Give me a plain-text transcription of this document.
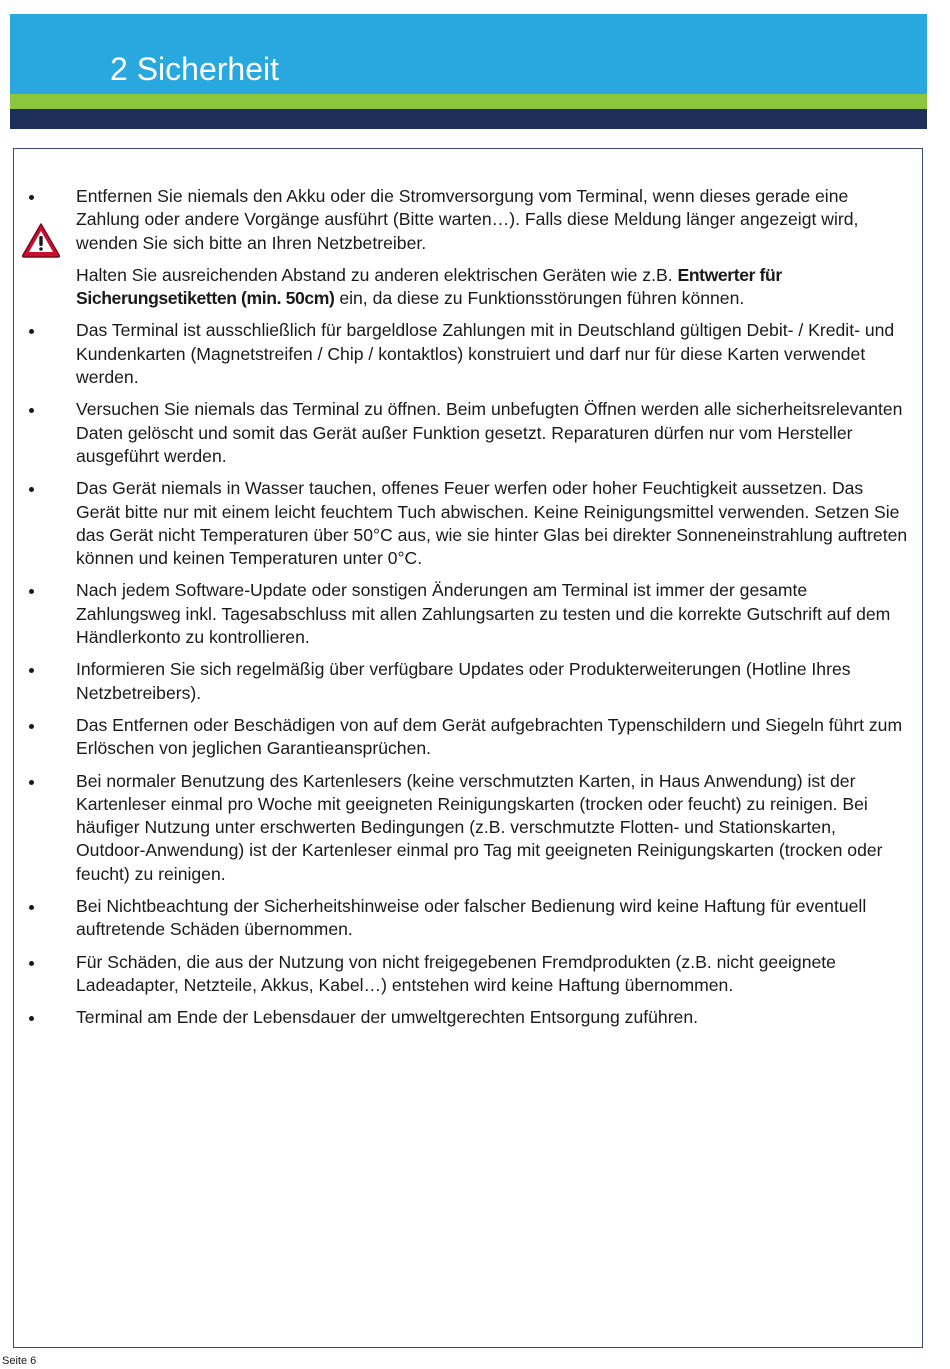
2 Sicherheit

Entfernen Sie niemals den Akku oder die Stromversorgung vom Terminal, wenn dieses gerade eine Zahlung oder andere Vorgänge ausführt (Bitte warten…). Falls diese Meldung länger angezeigt wird, wenden Sie sich bitte an Ihren Netzbetreiber.

Halten Sie ausreichenden Abstand zu anderen elektrischen Geräten wie z.B. Entwerter für Sicherungsetiketten (min. 50cm) ein, da diese zu Funktionsstörungen führen können.

Das Terminal ist ausschließlich für bargeldlose Zahlungen mit in Deutschland gültigen Debit- / Kredit- und Kundenkarten (Magnetstreifen / Chip / kontaktlos) konstruiert und darf nur für diese Karten verwendet werden.

Versuchen Sie niemals das Terminal zu öffnen. Beim unbefugten Öffnen werden alle sicherheitsrelevanten Daten gelöscht und somit das Gerät außer Funktion gesetzt. Reparaturen dürfen nur vom Hersteller ausgeführt werden.

Das Gerät niemals in Wasser tauchen, offenes Feuer werfen oder hoher Feuchtigkeit aussetzen. Das Gerät bitte nur mit einem leicht feuchtem Tuch abwischen. Keine Reinigungsmittel verwenden. Setzen Sie das Gerät nicht Temperaturen über 50°C aus, wie sie hinter Glas bei direkter Sonneneinstrahlung auftreten können und keinen Temperaturen unter 0°C.

Nach jedem Software-Update oder sonstigen Änderungen am Terminal ist immer der gesamte Zahlungsweg inkl. Tagesabschluss mit allen Zahlungsarten zu testen und die korrekte Gutschrift auf dem Händlerkonto zu kontrollieren.

Informieren Sie sich regelmäßig über verfügbare Updates oder Produkterweiterungen (Hotline Ihres Netzbetreibers).

Das Entfernen oder Beschädigen von auf dem Gerät aufgebrachten Typenschildern und Siegeln führt zum Erlöschen von jeglichen Garantieansprüchen.

Bei normaler Benutzung des Kartenlesers (keine verschmutzten Karten, in Haus Anwendung) ist der Kartenleser einmal pro Woche mit geeigneten Reinigungskarten (trocken oder feucht) zu reinigen. Bei häufiger Nutzung unter erschwerten Bedingungen (z.B. verschmutzte Flotten- und Stationskarten, Outdoor-Anwendung) ist der Kartenleser einmal pro Tag mit geeigneten Reinigungskarten (trocken oder feucht) zu reinigen.

Bei Nichtbeachtung der Sicherheitshinweise oder falscher Bedienung wird keine Haftung für eventuell auftretende Schäden übernommen.

Für Schäden, die aus der Nutzung von nicht freigegebenen Fremdprodukten (z.B. nicht geeignete Ladeadapter, Netzteile, Akkus, Kabel…) entstehen wird keine Haftung übernommen.

Terminal am Ende der Lebensdauer der umweltgerechten Entsorgung zuführen.

Seite 6
